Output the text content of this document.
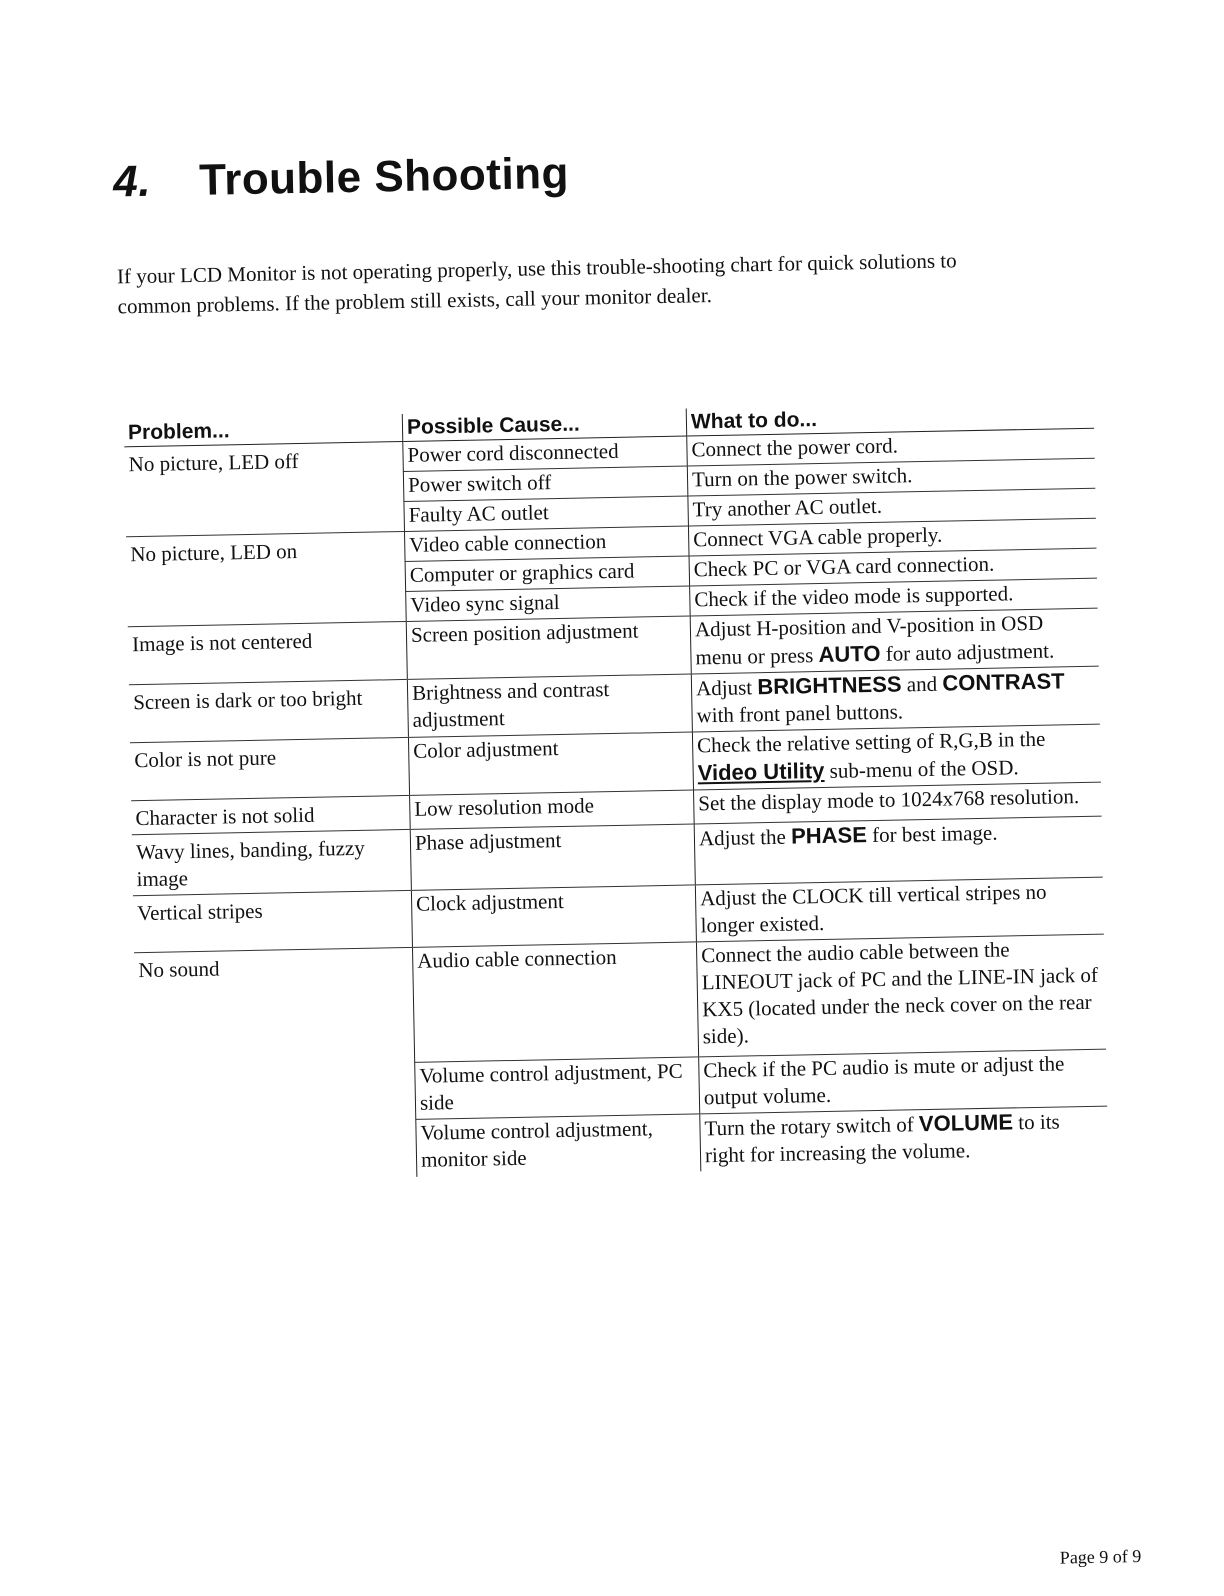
4. Trouble Shooting

If your LCD Monitor is not operating properly, use this trouble-shooting chart for quick solutions to

common problems. If the problem still exists, call your monitor dealer.

Problem...	Possible Cause...	What to do...
No picture, LED off	Power cord disconnected	Connect the power cord.
	Power switch off	Turn on the power switch.
	Faulty AC outlet	Try another AC outlet.
No picture, LED on	Video cable connection	Connect VGA cable properly.
	Computer or graphics card	Check PC or VGA card connection.
	Video sync signal	Check if the video mode is supported.
Image is not centered	Screen position adjustment	Adjust H-position and V-position in OSD menu or press AUTO for auto adjustment.
Screen is dark or too bright	Brightness and contrast adjustment	Adjust BRIGHTNESS and CONTRAST with front panel buttons.
Color is not pure	Color adjustment	Check the relative setting of R,G,B in the Video Utility sub-menu of the OSD.
Character is not solid	Low resolution mode	Set the display mode to 1024x768 resolution.
Wavy lines, banding, fuzzy image	Phase adjustment	Adjust the PHASE for best image.
Vertical stripes	Clock adjustment	Adjust the CLOCK till vertical stripes no longer existed.
No sound	Audio cable connection	Connect the audio cable between the LINEOUT jack of PC and the LINE-IN jack of KX5 (located under the neck cover on the rear side).
	Volume control adjustment, PC side	Check if the PC audio is mute or adjust the output volume.
	Volume control adjustment, monitor side	Turn the rotary switch of VOLUME to its right for increasing the volume.
Page 9 of 9
